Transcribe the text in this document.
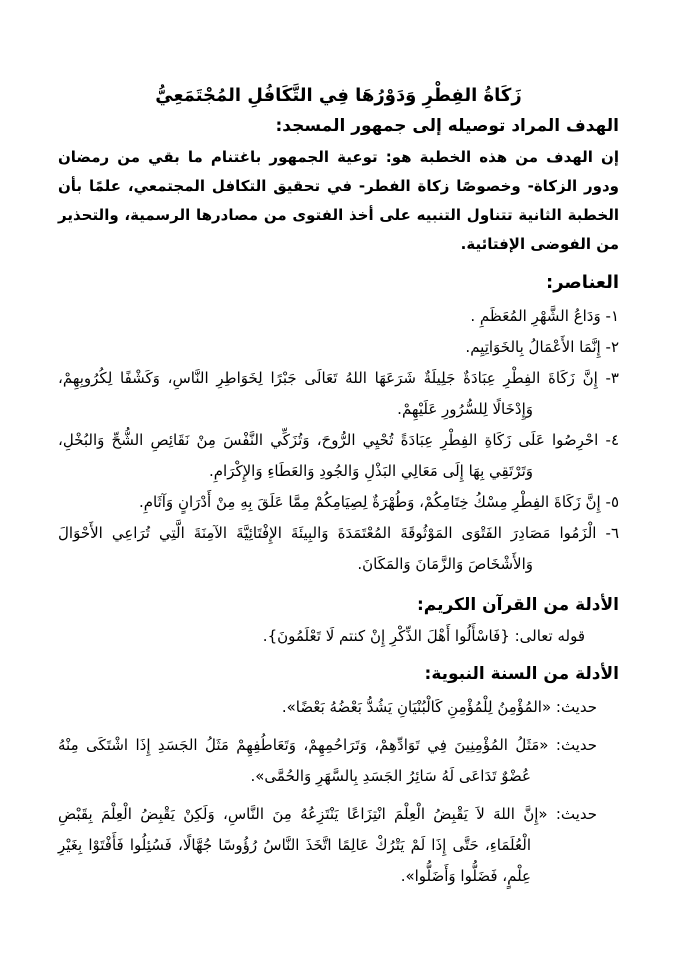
زَكَاةُ الفِطْرِ وَدَوْرُهَا فِي التَّكَافُلِ المُجْتَمَعِيُّ
الهدف المراد توصيله إلى جمهور المسجد:

إن الهدف من هذه الخطبة هو: توعية الجمهور باغتنام ما بقي من رمضان ودور الزكاة- وخصوصًا زكاة الفطر- في تحقيق التكافل المجتمعي، علمًا بأن الخطبة الثانية تتناول التنبيه على أخذ الفتوى من مصادرها الرسمية، والتحذير من الفوضى الإفتائية.

العناصر:
١- وَدَاعُ الشَّهْرِ المُعَظَمِ .
٢- إِنَّمَا الأَعْمَالُ بِالخَوَاتِيِم.
٣- إِنَّ زَكَاةَ الفِطْرِ عِبَادَةٌ جَلِيلَةٌ شَرَعَهَا اللهُ تَعَالَى جَبْرًا لِخَوَاطِرِ النَّاسِ، وَكَشْفًا لِكُرُوبِهِمْ، وَإِدْخَالًا لِلسُّرُورِ عَلَيْهِمْ.
٤- احْرِصُوا عَلَى زَكَاةِ الفِطْرِ عِبَادَةً تُحْيِي الرُّوحَ، وَتُزَكِّي النَّفْسَ مِنْ نَقَائِصِ الشُّحِّ وَالبُخْلِ، وَتَرْتَقِي بِهَا إِلَى مَعَالِي البَذْلِ وَالجُودِ وَالعَطَاءِ وَالإِكْرَامِ.
٥- إِنَّ زَكَاةَ الفِطْرِ مِسْكُ خِتَامِكُمْ، وَطُهْرَةٌ لِصِيَامِكُمْ مِمَّا عَلَقَ بِهِ مِنْ أَدْرَانٍ وَآثَامِ.
٦- الْزَمُوا مَصَادِرَ الفَتْوَى المَوْثُوقَةَ المُعْتَمَدَةَ وَالبِيئَةَ الإِفْتَائِيَّةَ الآمِنَةَ الَّتِي تُرَاعِي الأَحْوَالَ وَالأَشْخَاصَ وَالزَّمَانَ وَالمَكَانَ.
الأدلة من القرآن الكريم:

قوله تعالى: {فَاسْأَلُوا أَهْلَ الذِّكْرِ إِنْ كنتم لَا تَعْلَمُونَ}.

الأدلة من السنة النبوية:

حديث: «المُؤْمِنُ لِلْمُؤْمِنِ كَالْبُنْيَانِ يَشُدُّ بَعْضُهُ بَعْضًا».

حديث: «مَثَلُ المُؤْمِنِينَ فِي تَوَادِّهِمْ، وَتَرَاحُمِهِمْ، وَتَعَاطُفِهِمْ مَثَلُ الجَسَدِ إِذَا اشْتَكَى مِنْهُ عُضْوٌ تَدَاعَى لَهُ سَائِرُ الجَسَدِ بِالسَّهَرِ وَالحُمَّى».

حديث: «إِنَّ اللهَ لاَ يَقْبِضُ الْعِلْمَ انْتِزَاعًا يَنْتَزِعُهُ مِنَ النَّاسِ، وَلَكِنْ يَقْبِضُ الْعِلْمَ بِقَبْضِ الْعُلَمَاءِ، حَتَّى إِذَا لَمْ يَتْرُكْ عَالِمًا اتَّخَذَ النَّاسُ رُؤُوسًا جُهَّالًا، فَسُئِلُوا فَأَفْتَوْا بِغَيْرِ عِلْمٍ، فَضَلُّوا وَأَضَلُّوا».
